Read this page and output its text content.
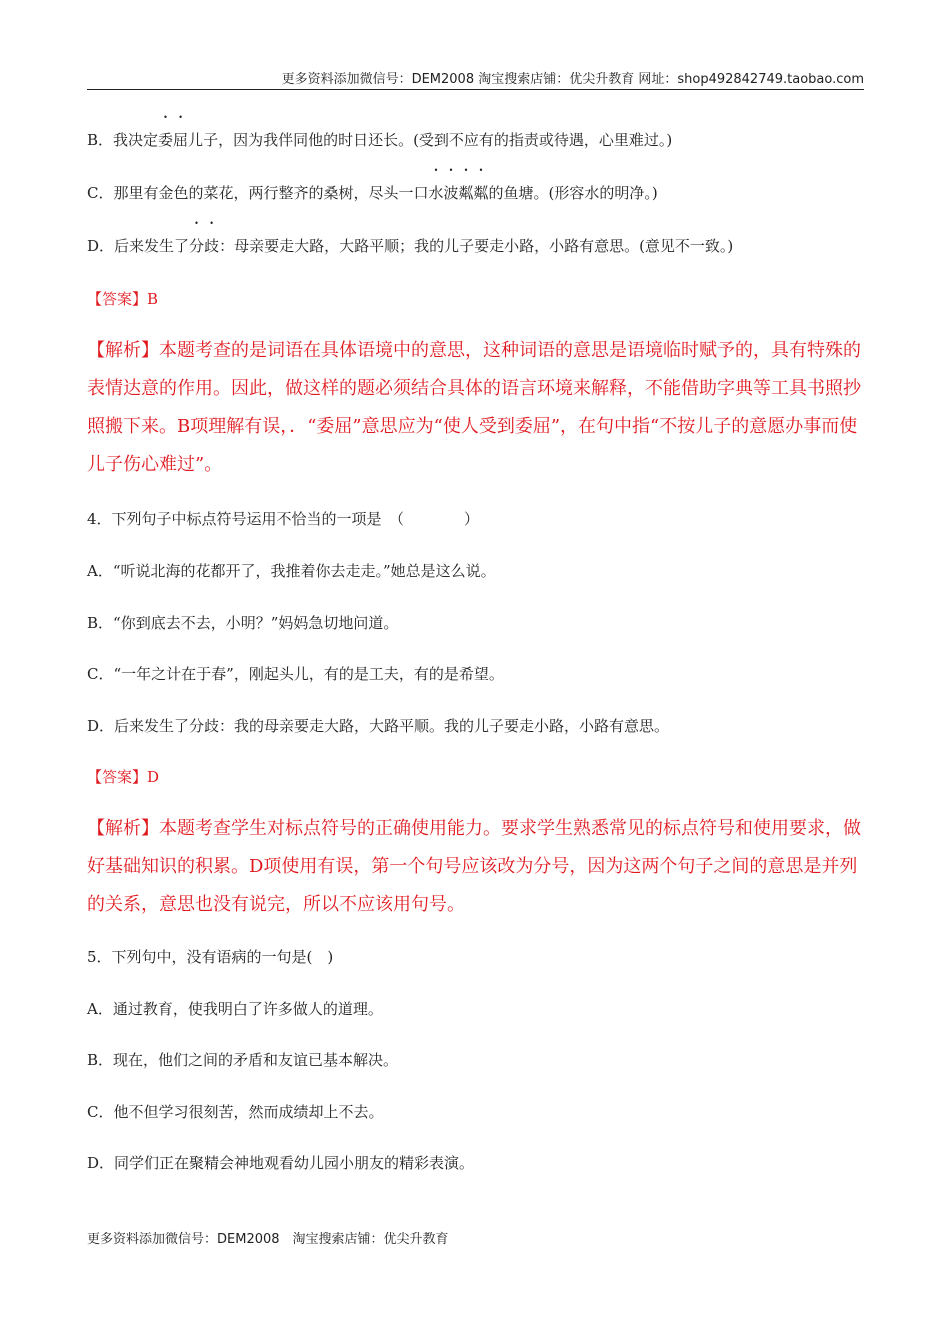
更多资料添加微信号：DEM2008 淘宝搜索店铺：优尖升教育 网址：shop492842749.taobao.com
B．我决定委屈儿子，因为我伴同他的时日还长。(受到不应有的指责或待遇，心里难过。)
C．那里有金色的菜花，两行整齐的桑树，尽头一口水波粼粼的鱼塘。(形容水的明净。)
D．后来发生了分歧：母亲要走大路，大路平顺；我的儿子要走小路，小路有意思。(意见不一致。)
【答案】B
【解析】本题考查的是词语在具体语境中的意思，这种词语的意思是语境临时赋予的，具有特殊的表情达意的作用。因此，做这样的题必须结合具体的语言环境来解释，不能借助字典等工具书照抄照搬下来。B项理解有误，．“委屈”意思应为“使人受到委屈”，在句中指“不按儿子的意愿办事而使儿子伤心难过”。
4．下列句子中标点符号运用不恰当的一项是　（　　　　）
A．“听说北海的花都开了，我推着你去走走。”她总是这么说。
B．“你到底去不去，小明？”妈妈急切地问道。
C．“一年之计在于春”，刚起头儿，有的是工夫，有的是希望。
D．后来发生了分歧：我的母亲要走大路，大路平顺。我的儿子要走小路，小路有意思。
【答案】D
【解析】本题考查学生对标点符号的正确使用能力。要求学生熟悉常见的标点符号和使用要求，做好基础知识的积累。D项使用有误，第一个句号应该改为分号，因为这两个句子之间的意思是并列的关系，意思也没有说完，所以不应该用句号。
5．下列句中，没有语病的一句是(　)
A．通过教育，使我明白了许多做人的道理。
B．现在，他们之间的矛盾和友谊已基本解决。
C．他不但学习很刻苦，然而成绩却上不去。
D．同学们正在聚精会神地观看幼儿园小朋友的精彩表演。
更多资料添加微信号：DEM2008　淘宝搜索店铺：优尖升教育
